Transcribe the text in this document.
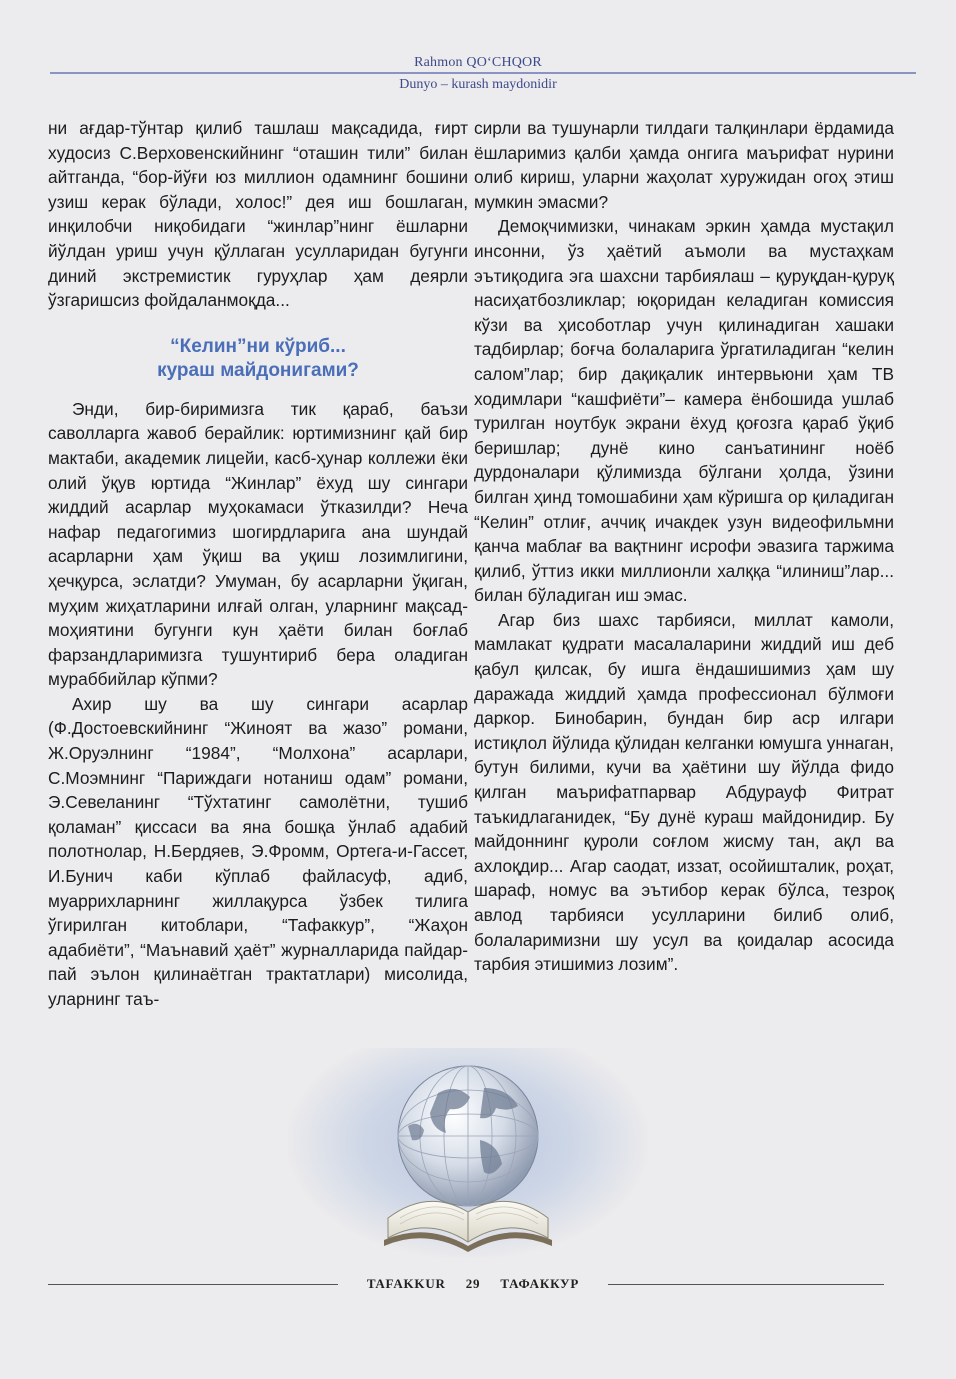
Rahmon QO‘CHQOR
Dunyo – kurash maydonidir

ни ағдар-тўнтар қилиб ташлаш мақсадида, ғирт худосиз С.Верховенскийнинг “оташин тили” билан айтганда, “бор-йўғи юз миллион одамнинг бошини узиш керак бўлади, холос!” дея иш бошлаган, инқилобчи ниқобидаги “жинлар”нинг ёшларни йўлдан уриш учун қўллаган усулларидан бугунги диний экстремистик гуруҳлар ҳам деярли ўзгаришсиз фойдаланмоқда...

“Келин”ни кўриб...
кураш майдонигами?

Энди, бир-биримизга тик қараб, баъзи саволларга жавоб берайлик: юртимизнинг қай бир мактаби, академик лицейи, касб-ҳунар коллежи ёки олий ўқув юртида “Жинлар” ёхуд шу сингари жиддий асарлар муҳокамаси ўтказилди? Неча нафар педагогимиз шогирдларига ана шундай асарларни ҳам ўқиш ва уқиш лозимлигини, ҳечқурса, эслатди? Умуман, бу асарларни ўқиган, муҳим жиҳатларини илғай олган, уларнинг мақсад-моҳиятини бугунги кун ҳаёти билан боғлаб фарзандларимизга тушунтириб бера оладиган мураббийлар кўпми?

Ахир шу ва шу сингари асарлар (Ф.Достоевскийнинг “Жиноят ва жазо” романи, Ж.Оруэлнинг “1984”, “Молхона” асарлари, С.Моэмнинг “Париждаги нотаниш одам” романи, Э.Севеланинг “Тўхтатинг самолётни, тушиб қоламан” қиссаси ва яна бошқа ўнлаб адабий полотнолар, Н.Бердяев, Э.Фромм, Ортега-и-Гассет, И.Бунич каби кўплаб файласуф, адиб, муаррихларнинг жиллақурса ўзбек тилига ўгирилган китоблари, “Тафаккур”, “Жаҳон адабиёти”, “Маънавий ҳаёт” журналларида пайдар-пай эълон қилинаётган трактатлари) мисолида, уларнинг таъ-

сирли ва тушунарли тилдаги талқинлари ёрдамида ёшларимиз қалби ҳамда онгига маърифат нурини олиб кириш, уларни жаҳолат хуружидан огоҳ этиш мумкин эмасми?

Демоқчимизки, чинакам эркин ҳамда мустақил инсонни, ўз ҳаётий аъмоли ва мустаҳкам эътиқодига эга шахсни тарбиялаш – қуруқдан-қуруқ насиҳатбозликлар; юқоридан келадиган комиссия кўзи ва ҳисоботлар учун қилинадиган хашаки тадбирлар; боғча болаларига ўргатиладиган “келин салом”лар; бир дақиқалик интервьюни ҳам ТВ ходимлари “кашфиёти”– камера ёнбошида ушлаб турилган ноутбук экрани ёхуд қоғозга қараб ўқиб беришлар; дунё кино санъатининг ноёб дурдоналари қўлимизда бўлгани ҳолда, ўзини билган ҳинд томошабини ҳам кўришга ор қиладиган “Келин” отлиғ, аччиқ ичакдек узун видеофильмни қанча маблағ ва вақтнинг исрофи эвазига таржима қилиб, ўттиз икки миллионли халққа “илиниш”лар... билан бўладиган иш эмас.

Агар биз шахс тарбияси, миллат камоли, мамлакат қудрати масалаларини жиддий иш деб қабул қилсак, бу ишга ёндашишимиз ҳам шу даражада жиддий ҳамда профессионал бўлмоғи даркор. Бинобарин, бундан бир аср илгари истиқлол йўлида қўлидан келганки юмушга уннаган, бутун билими, кучи ва ҳаётини шу йўлда фидо қилган маърифатпарвар Абдурауф Фитрат таъкидлаганидек, “Бу дунё кураш майдонидир. Бу майдоннинг қуроли соғлом жисму тан, ақл ва ахлоқдир... Агар саодат, иззат, осойишталик, роҳат, шараф, номус ва эътибор керак бўлса, тезроқ авлод тарбияси усулларини билиб олиб, болаларимизни шу усул ва қоидалар асосида тарбия этишимиз лозим”.

TAFAKKUR 29 ТАФАККУР
